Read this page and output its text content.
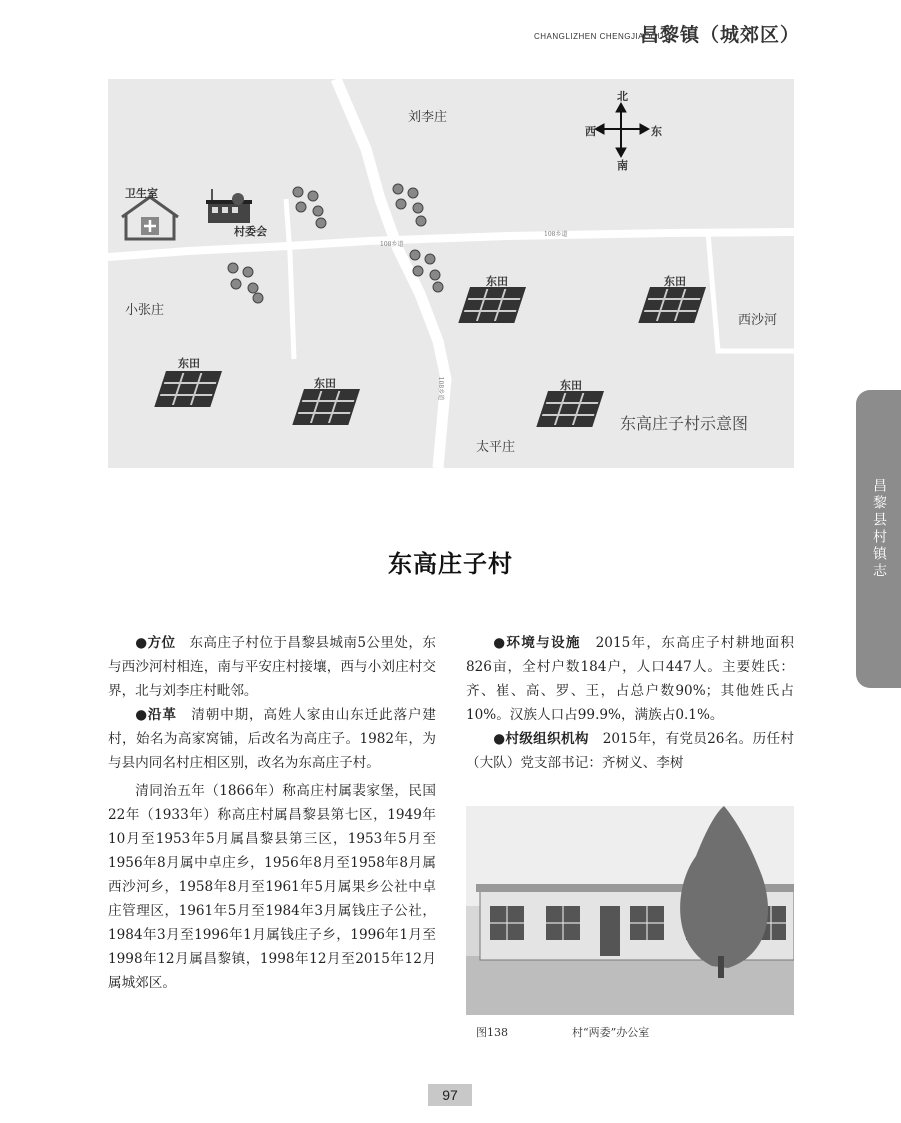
CHANGLIZHEN CHENGJIAOQU
昌黎镇（城郊区）
刘李庄
小张庄
西沙河
太平庄
卫生室
村委会
108乡道
108乡道
108乡道
东高庄子村示意图
北
南
西	东
东田	东田
东田
东田	东田
昌黎县村镇志
东高庄子村

●方位　东高庄子村位于昌黎县城南5公里处，东与西沙河村相连，南与平安庄村接壤，西与小刘庄村交界，北与刘李庄村毗邻。

●沿革　清朝中期，高姓人家由山东迁此落户建村，始名为高家窝铺，后改名为高庄子。1982年，为与县内同名村庄相区别，改名为东高庄子村。

清同治五年（1866年）称高庄村属裴家堡，民国22年（1933年）称高庄村属昌黎县第七区，1949年10月至1953年5月属昌黎县第三区，1953年5月至1956年8月属中卓庄乡，1956年8月至1958年8月属西沙河乡，1958年8月至1961年5月属果乡公社中卓庄管理区，1961年5月至1984年3月属钱庄子公社，1984年3月至1996年1月属钱庄子乡，1996年1月至1998年12月属昌黎镇，1998年12月至2015年12月属城郊区。

●环境与设施　2015年，东高庄子村耕地面积826亩，全村户数184户，人口447人。主要姓氏：齐、崔、高、罗、王，占总户数90%；其他姓氏占10%。汉族人口占99.9%，满族占0.1%。

●村级组织机构　2015年，有党员26名。历任村（大队）党支部书记：齐树义、李树

图138	村“两委”办公室
97
